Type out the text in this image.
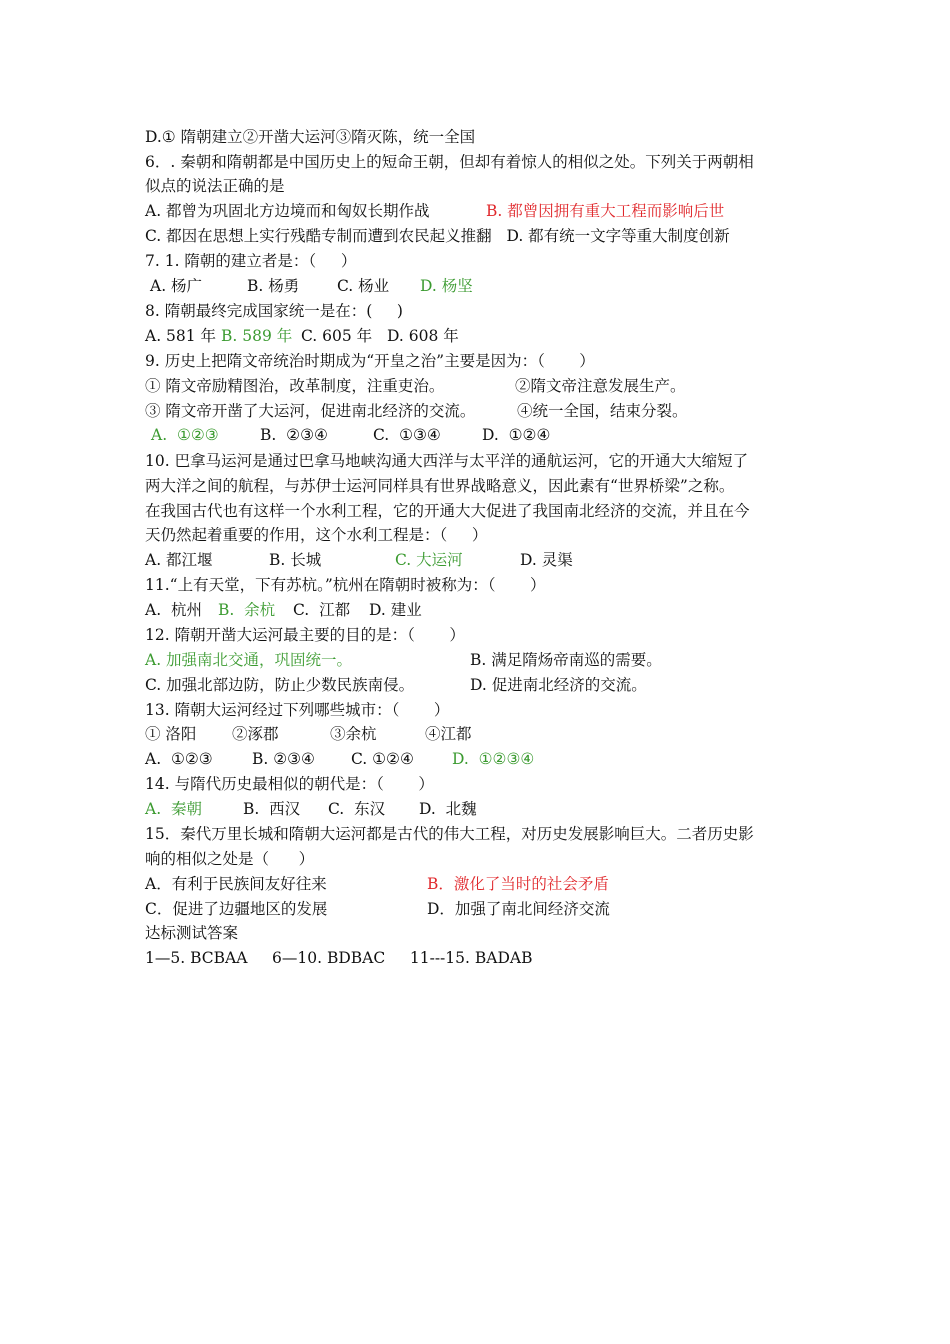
D.① 隋朝建立②开凿大运河③隋灭陈，统一全国
6．. 秦朝和隋朝都是中国历史上的短命王朝，但却有着惊人的相似之处。下列关于两朝相
似点的说法正确的是

A. 都曾为巩固北方边境而和匈奴长期作战

	B. 都曾因拥有重大工程而影响后世

C. 都因在思想上实行残酷专制而遭到农民起义推翻   D. 都有统一文字等重大制度创新
7. 1. 隋朝的建立者是：（     ）

A. 杨广

	B. 杨勇

C. 杨业

D. 杨坚

8. 隋朝最终完成国家统一是在：(     )

A. 581 年

B. 589 年

C. 605 年

D. 608 年

9. 历史上把隋文帝统治时期成为“开皇之治”主要是因为：（       ）

① 隋文帝励精图治，改革制度，注重吏治。

	②隋文帝注意发展生产。

③ 隋文帝开凿了大运河，促进南北经济的交流。

	④统一全国，结束分裂。

A.  ①②③

	B.  ②③④

	C.  ①③④

	D.  ①②④

10. 巴拿马运河是通过巴拿马地峡沟通大西洋与太平洋的通航运河，它的开通大大缩短了
两大洋之间的航程，与苏伊士运河同样具有世界战略意义，因此素有“世界桥梁”之称。
在我国古代也有这样一个水利工程，它的开通大大促进了我国南北经济的交流，并且在今
天仍然起着重要的作用，这个水利工程是：（     ）

A. 都江堰

	B. 长城

	C. 大运河

	D. 灵渠

11.“上有天堂，下有苏杭。”杭州在隋朝时被称为：（       ）

A.  杭州

B.  余杭

C.  江都

D. 建业

12. 隋朝开凿大运河最主要的目的是：（       ）

A. 加强南北交通，巩固统一。

	B. 满足隋炀帝南巡的需要。

C. 加强北部边防，防止少数民族南侵。

	D. 促进南北经济的交流。

13. 隋朝大运河经过下列哪些城市：（       ）

① 洛阳

②涿郡

	③余杭

	④江都

A.  ①②③

	B. ②③④

C. ①②④

D.  ①②③④

14. 与隋代历史最相似的朝代是：（       ）

A.  秦朝

	B.  西汉

C.  东汉

D.  北魏

15．秦代万里长城和隋朝大运河都是古代的伟大工程，对历史发展影响巨大。二者历史影
响的相似之处是（      ）

A．有利于民族间友好往来

	B．激化了当时的社会矛盾

C．促进了边疆地区的发展

	D．加强了南北间经济交流

达标测试答案
1—5. BCBAA     6—10. BDBAC     11---15. BADAB
